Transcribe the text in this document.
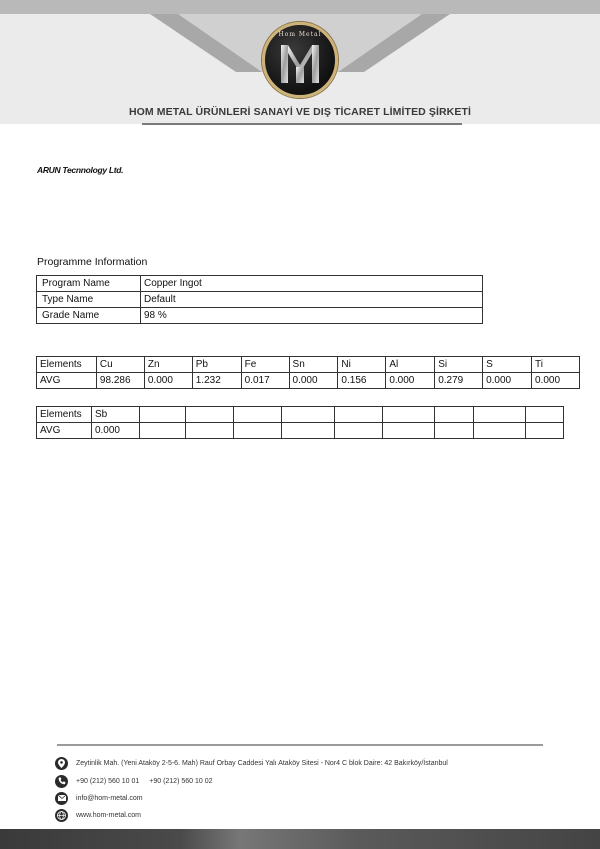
Hom Metal
HOM METAL ÜRÜNLERİ SANAYİ VE DIŞ TİCARET LİMİTED ŞİRKETİ
ARUN Tecnnology Ltd.
Programme Information
Program Name	Copper Ingot
Type Name	Default
Grade Name	98 %
Elements	Cu	Zn	Pb	Fe	Sn	Ni	Al	Si	S	Ti
AVG	98.286	0.000	1.232	0.017	0.000	0.156	0.000	0.279	0.000	0.000
Elements	Sb									
AVG	0.000									
Zeytinlik Mah. (Yeni Ataköy 2-5-6. Mah) Rauf Orbay Caddesi Yalı Ataköy Sitesi - Nor4 C blok Daire: 42 Bakırköy/İstanbul
+90 (212) 560 10 01 +90 (212) 560 10 02
info@hom-metal.com
www.hom-metal.com
